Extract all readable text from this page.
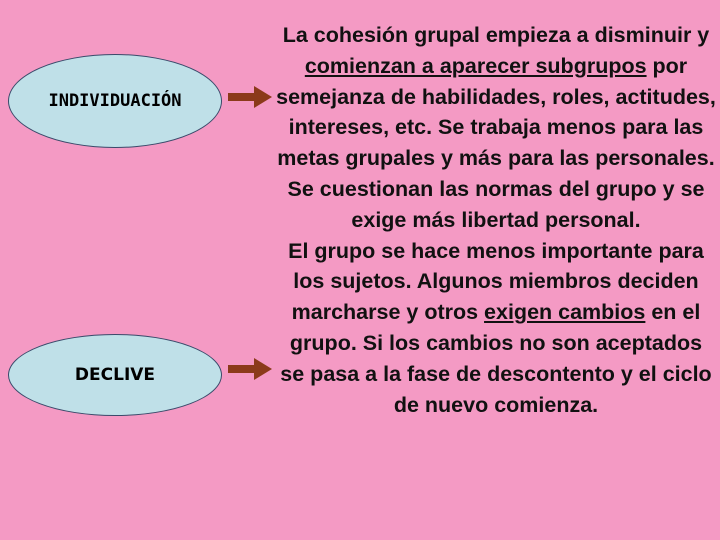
INDIVIDUACIÓN
DECLIVE

La cohesión grupal empieza a disminuir y comienzan a aparecer subgrupos por semejanza de habilidades, roles, actitudes, intereses, etc. Se trabaja menos para las metas grupales y más para las personales. Se cuestionan las normas del grupo y se exige más libertad personal.

El grupo se hace menos importante para los sujetos. Algunos miembros deciden marcharse y otros exigen cambios en el grupo. Si los cambios no son aceptados se pasa a la fase de descontento y el ciclo de nuevo comienza.
